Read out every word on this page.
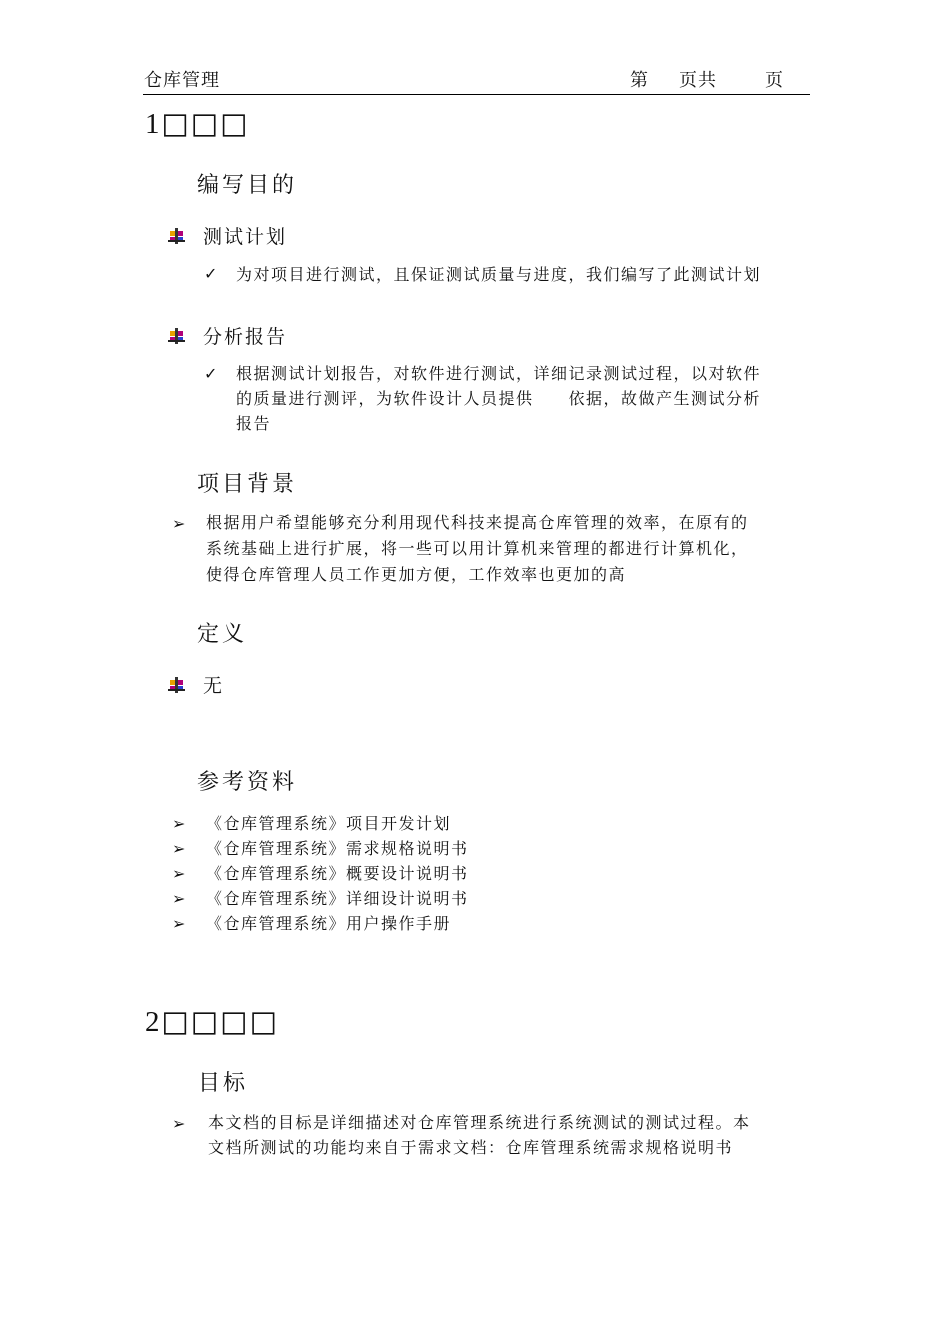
仓库管理	第 页共	页
1□□□
编写目的
测试计划
✓ 为对项目进行测试，且保证测试质量与进度，我们编写了此测试计划
分析报告
✓ 根据测试计划报告，对软件进行测试，详细记录测试过程，以对软件
的质量进行测评，为软件设计人员提供　　依据，故做产生测试分析
报告
项目背景
➢ 根据用户希望能够充分利用现代科技来提高仓库管理的效率，在原有的
系统基础上进行扩展，将一些可以用计算机来管理的都进行计算机化，
使得仓库管理人员工作更加方便，工作效率也更加的高
定义
无
参考资料
➢ 《仓库管理系统》项目开发计划
➢ 《仓库管理系统》需求规格说明书
➢ 《仓库管理系统》概要设计说明书
➢ 《仓库管理系统》详细设计说明书
➢ 《仓库管理系统》用户操作手册
2□□□□
目标
➢ 本文档的目标是详细描述对仓库管理系统进行系统测试的测试过程。本
文档所测试的功能均来自于需求文档：仓库管理系统需求规格说明书
